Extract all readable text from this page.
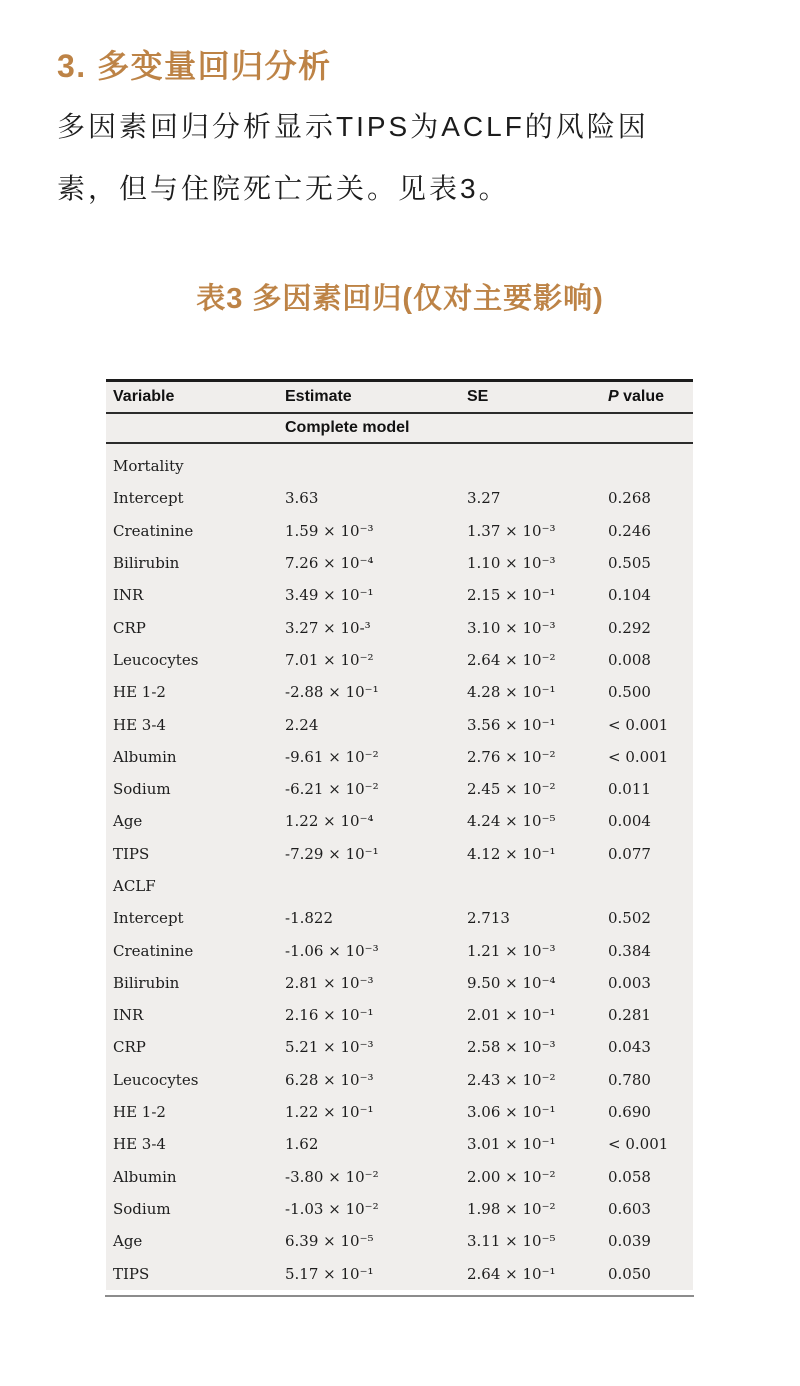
3. 多变量回归分析

多因素回归分析显示TIPS为ACLF的风险因
素，但与住院死亡无关。见表3。

表3 多因素回归(仅对主要影响)
Variable	Estimate	SE	P value
Complete model
Mortality
Intercept	3.63	3.27	0.268
Creatinine	1.59 × 10⁻³	1.37 × 10⁻³	0.246
Bilirubin	7.26 × 10⁻⁴	1.10 × 10⁻³	0.505
INR	3.49 × 10⁻¹	2.15 × 10⁻¹	0.104
CRP	3.27 × 10-³	3.10 × 10⁻³	0.292
Leucocytes	7.01 × 10⁻²	2.64 × 10⁻²	0.008
HE 1-2	-2.88 × 10⁻¹	4.28 × 10⁻¹	0.500
HE 3-4	2.24	3.56 × 10⁻¹	< 0.001
Albumin	-9.61 × 10⁻²	2.76 × 10⁻²	< 0.001
Sodium	-6.21 × 10⁻²	2.45 × 10⁻²	0.011
Age	1.22 × 10⁻⁴	4.24 × 10⁻⁵	0.004
TIPS	-7.29 × 10⁻¹	4.12 × 10⁻¹	0.077
ACLF
Intercept	-1.822	2.713	0.502
Creatinine	-1.06 × 10⁻³	1.21 × 10⁻³	0.384
Bilirubin	2.81 × 10⁻³	9.50 × 10⁻⁴	0.003
INR	2.16 × 10⁻¹	2.01 × 10⁻¹	0.281
CRP	5.21 × 10⁻³	2.58 × 10⁻³	0.043
Leucocytes	6.28 × 10⁻³	2.43 × 10⁻²	0.780
HE 1-2	1.22 × 10⁻¹	3.06 × 10⁻¹	0.690
HE 3-4	1.62	3.01 × 10⁻¹	< 0.001
Albumin	-3.80 × 10⁻²	2.00 × 10⁻²	0.058
Sodium	-1.03 × 10⁻²	1.98 × 10⁻²	0.603
Age	6.39 × 10⁻⁵	3.11 × 10⁻⁵	0.039
TIPS	5.17 × 10⁻¹	2.64 × 10⁻¹	0.050
